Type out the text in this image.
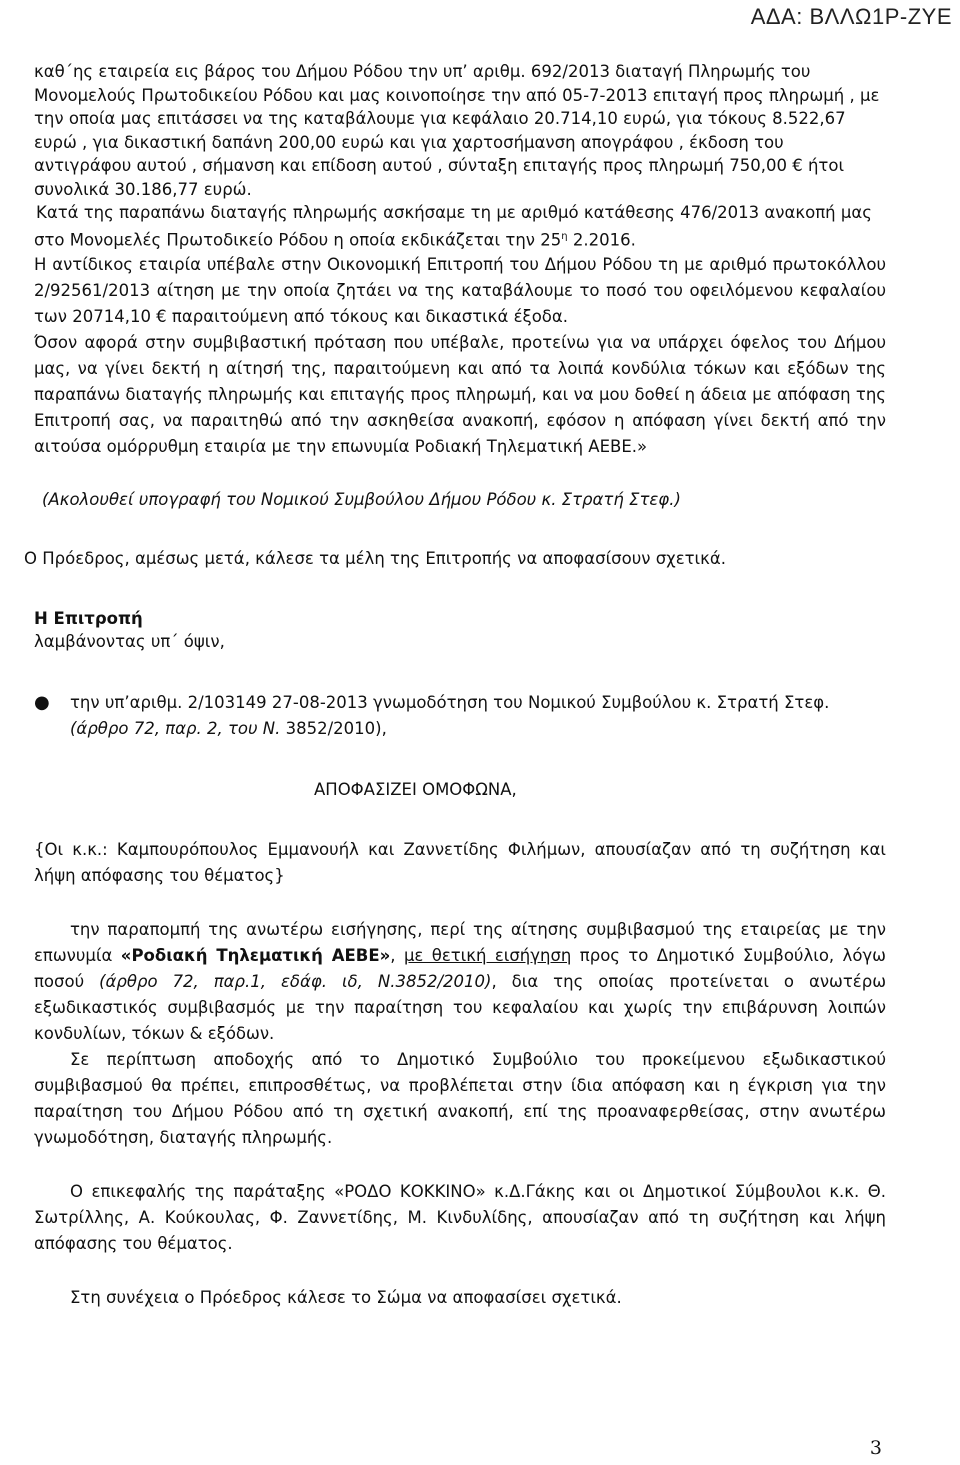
ΑΔΑ: ΒΛΛΩ1Ρ-ΖΥΕ

καθ΄ης εταιρεία εις βάρος του Δήμου Ρόδου την υπ’ αριθμ. 692/2013 διαταγή Πληρωμής του Μονομελούς Πρωτοδικείου Ρόδου και μας κοινοποίησε την από 05-7-2013 επιταγή προς πληρωμή , με την οποία μας επιτάσσει να της καταβάλουμε για κεφάλαιο 20.714,10 ευρώ, για τόκους 8.522,67 ευρώ , για δικαστική δαπάνη 200,00 ευρώ και για χαρτοσήμανση απογράφου , έκδοση του αντιγράφου αυτού , σήμανση και επίδοση αυτού , σύνταξη επιταγής προς πληρωμή 750,00 € ήτοι συνολικά 30.186,77 ευρώ.

Κατά της παραπάνω διαταγής πληρωμής ασκήσαμε τη με αριθμό κατάθεσης 476/2013 ανακοπή μας στο Μονομελές Πρωτοδικείο Ρόδου η οποία εκδικάζεται την $25^\eta$ 2.2016.

Η αντίδικος εταιρία υπέβαλε στην Οικονομική Επιτροπή του Δήμου Ρόδου τη με αριθμό πρωτοκόλλου 2/92561/2013 αίτηση με την οποία ζητάει να της καταβάλουμε το ποσό του οφειλόμενου κεφαλαίου των 20714,10 € παραιτούμενη από τόκους και δικαστικά έξοδα.

Όσον αφορά στην συμβιβαστική πρόταση που υπέβαλε, προτείνω για να υπάρχει όφελος του Δήμου μας, να γίνει δεκτή η αίτησή της, παραιτούμενη και από τα λοιπά κονδύλια τόκων και εξόδων της παραπάνω διαταγής πληρωμής και επιταγής προς πληρωμή, και να μου δοθεί η άδεια με απόφαση της Επιτροπή σας, να παραιτηθώ από την ασκηθείσα ανακοπή, εφόσον η απόφαση γίνει δεκτή από την αιτούσα ομόρρυθμη εταιρία με την επωνυμία Ροδιακή Τηλεματική ΑΕΒΕ.»

(Ακολουθεί υπογραφή του Νομικού Συμβούλου Δήμου Ρόδου κ. Στρατή Στεφ.)

Ο Πρόεδρος, αμέσως μετά, κάλεσε τα μέλη της Επιτροπής να αποφασίσουν σχετικά.

Η Επιτροπή

λαμβάνοντας υπ΄ όψιν,

●	την υπ’αριθμ. 2/103149 27-08-2013 γνωμοδότηση του Νομικού Συμβούλου κ. Στρατή Στεφ. (άρθρο 72, παρ. 2, του Ν. 3852/2010),

ΑΠΟΦΑΣΙΖΕΙ ΟΜΟΦΩΝΑ,

{Οι κ.κ.: Καμπουρόπουλος Εμμανουήλ και Ζαννετίδης Φιλήμων, απουσίαζαν από τη συζήτηση και λήψη απόφασης του θέματος}

την παραπομπή της ανωτέρω εισήγησης, περί της αίτησης συμβιβασμού της εταιρείας με την επωνυμία «Ροδιακή Τηλεματική ΑΕΒΕ», με θετική εισήγηση προς το Δημοτικό Συμβούλιο, λόγω ποσού (άρθρο 72, παρ.1, εδάφ. ιδ, Ν.3852/2010), δια της οποίας προτείνεται ο ανωτέρω εξωδικαστικός συμβιβασμός με την παραίτηση του κεφαλαίου και χωρίς την επιβάρυνση λοιπών κονδυλίων, τόκων & εξόδων.

Σε περίπτωση αποδοχής από το Δημοτικό Συμβούλιο του προκείμενου εξωδικαστικού συμβιβασμού θα πρέπει, επιπροσθέτως, να προβλέπεται στην ίδια απόφαση και η έγκριση για την παραίτηση του Δήμου Ρόδου από τη σχετική ανακοπή, επί της προαναφερθείσας, στην ανωτέρω γνωμοδότηση, διαταγής πληρωμής.

Ο επικεφαλής της παράταξης «ΡΟΔΟ ΚΟΚΚΙΝΟ» κ.Δ.Γάκης και οι Δημοτικοί Σύμβουλοι κ.κ. Θ. Σωτρίλλης, Α. Κούκουλας, Φ. Ζαννετίδης, Μ. Κινδυλίδης, απουσίαζαν από τη συζήτηση και λήψη απόφασης του θέματος.

Στη συνέχεια ο Πρόεδρος κάλεσε το Σώμα να αποφασίσει σχετικά.

3
